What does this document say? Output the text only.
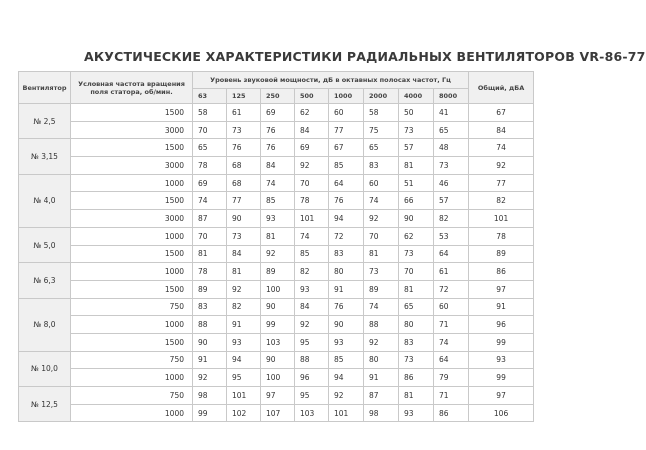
АКУСТИЧЕСКИЕ ХАРАКТЕРИСТИКИ РАДИАЛЬНЫХ ВЕНТИЛЯТОРОВ VR-86-77
Вентилятор	Условная частота вращения поля статора, об/мин.	Уровень звуковой мощности, дБ в октавных полосах частот, Гц								Общий, дБА
		63	125	250	500	1000	2000	4000	8000	
№ 2,5	1500	58	61	69	62	60	58	50	41	67
	3000	70	73	76	84	77	75	73	65	84
№ 3,15	1500	65	76	76	69	67	65	57	48	74
	3000	78	68	84	92	85	83	81	73	92
№ 4,0	1000	69	68	74	70	64	60	51	46	77
	1500	74	77	85	78	76	74	66	57	82
	3000	87	90	93	101	94	92	90	82	101
№ 5,0	1000	70	73	81	74	72	70	62	53	78
	1500	81	84	92	85	83	81	73	64	89
№ 6,3	1000	78	81	89	82	80	73	70	61	86
	1500	89	92	100	93	91	89	81	72	97
№ 8,0	750	83	82	90	84	76	74	65	60	91
	1000	88	91	99	92	90	88	80	71	96
	1500	90	93	103	95	93	92	83	74	99
№ 10,0	750	91	94	90	88	85	80	73	64	93
	1000	92	95	100	96	94	91	86	79	99
№ 12,5	750	98	101	97	95	92	87	81	71	97
	1000	99	102	107	103	101	98	93	86	106
